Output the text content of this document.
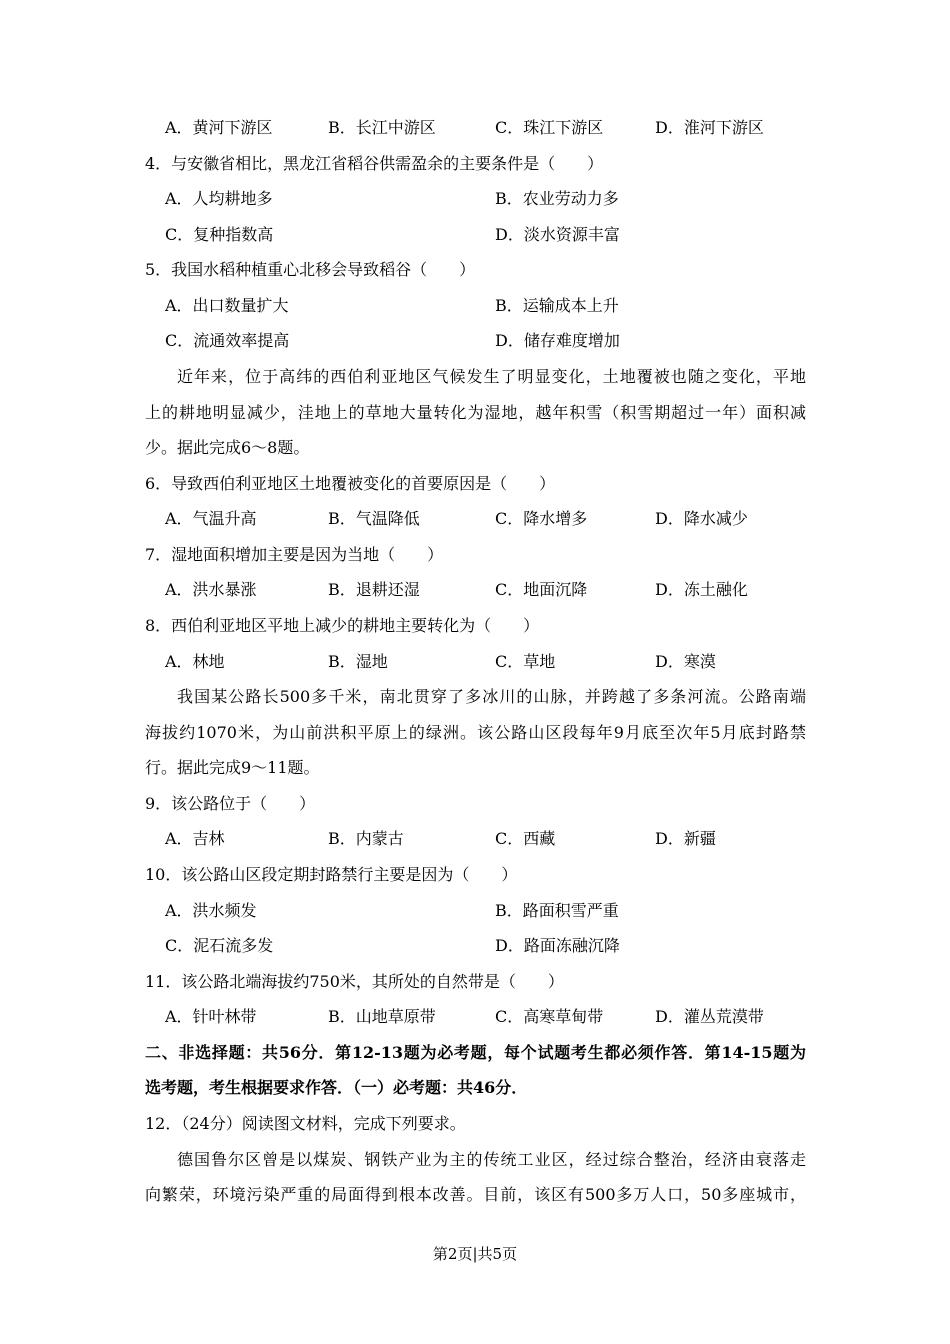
A．黄河下游区	B．长江中游区	C．珠江下游区	D．淮河下游区
4．与安徽省相比，黑龙江省稻谷供需盈余的主要条件是（　　）
A．人均耕地多	B．农业劳动力多
C．复种指数高	D．淡水资源丰富
5．我国水稻种植重心北移会导致稻谷（　　）
A．出口数量扩大	B．运输成本上升
C．流通效率提高	D．储存难度增加
近年来，位于高纬的西伯利亚地区气候发生了明显变化，土地覆被也随之变化，平地
上的耕地明显减少，洼地上的草地大量转化为湿地，越年积雪（积雪期超过一年）面积减
少。据此完成6～8题。
6．导致西伯利亚地区土地覆被变化的首要原因是（　　）
A．气温升高	B．气温降低	C．降水增多	D．降水减少
7．湿地面积增加主要是因为当地（　　）
A．洪水暴涨	B．退耕还湿	C．地面沉降	D．冻土融化
8．西伯利亚地区平地上减少的耕地主要转化为（　　）
A．林地	B．湿地	C．草地	D．寒漠
我国某公路长500多千米，南北贯穿了多冰川的山脉，并跨越了多条河流。公路南端
海拔约1070米，为山前洪积平原上的绿洲。该公路山区段每年9月底至次年5月底封路禁
行。据此完成9～11题。
9．该公路位于（　　）
A．吉林	B．内蒙古	C．西藏	D．新疆
10．该公路山区段定期封路禁行主要是因为（　　）
A．洪水频发	B．路面积雪严重
C．泥石流多发	D．路面冻融沉降
11．该公路北端海拔约750米，其所处的自然带是（　　）
A．针叶林带	B．山地草原带	C．高寒草甸带	D．灌丛荒漠带
二、非选择题：共56分．第12-13题为必考题，每个试题考生都必须作答．第14-15题为
选考题，考生根据要求作答．（一）必考题：共46分．
12．（24分）阅读图文材料，完成下列要求。
德国鲁尔区曾是以煤炭、钢铁产业为主的传统工业区，经过综合整治，经济由衰落走
向繁荣，环境污染严重的局面得到根本改善。目前，该区有500多万人口，50多座城市，
第2页|共5页
